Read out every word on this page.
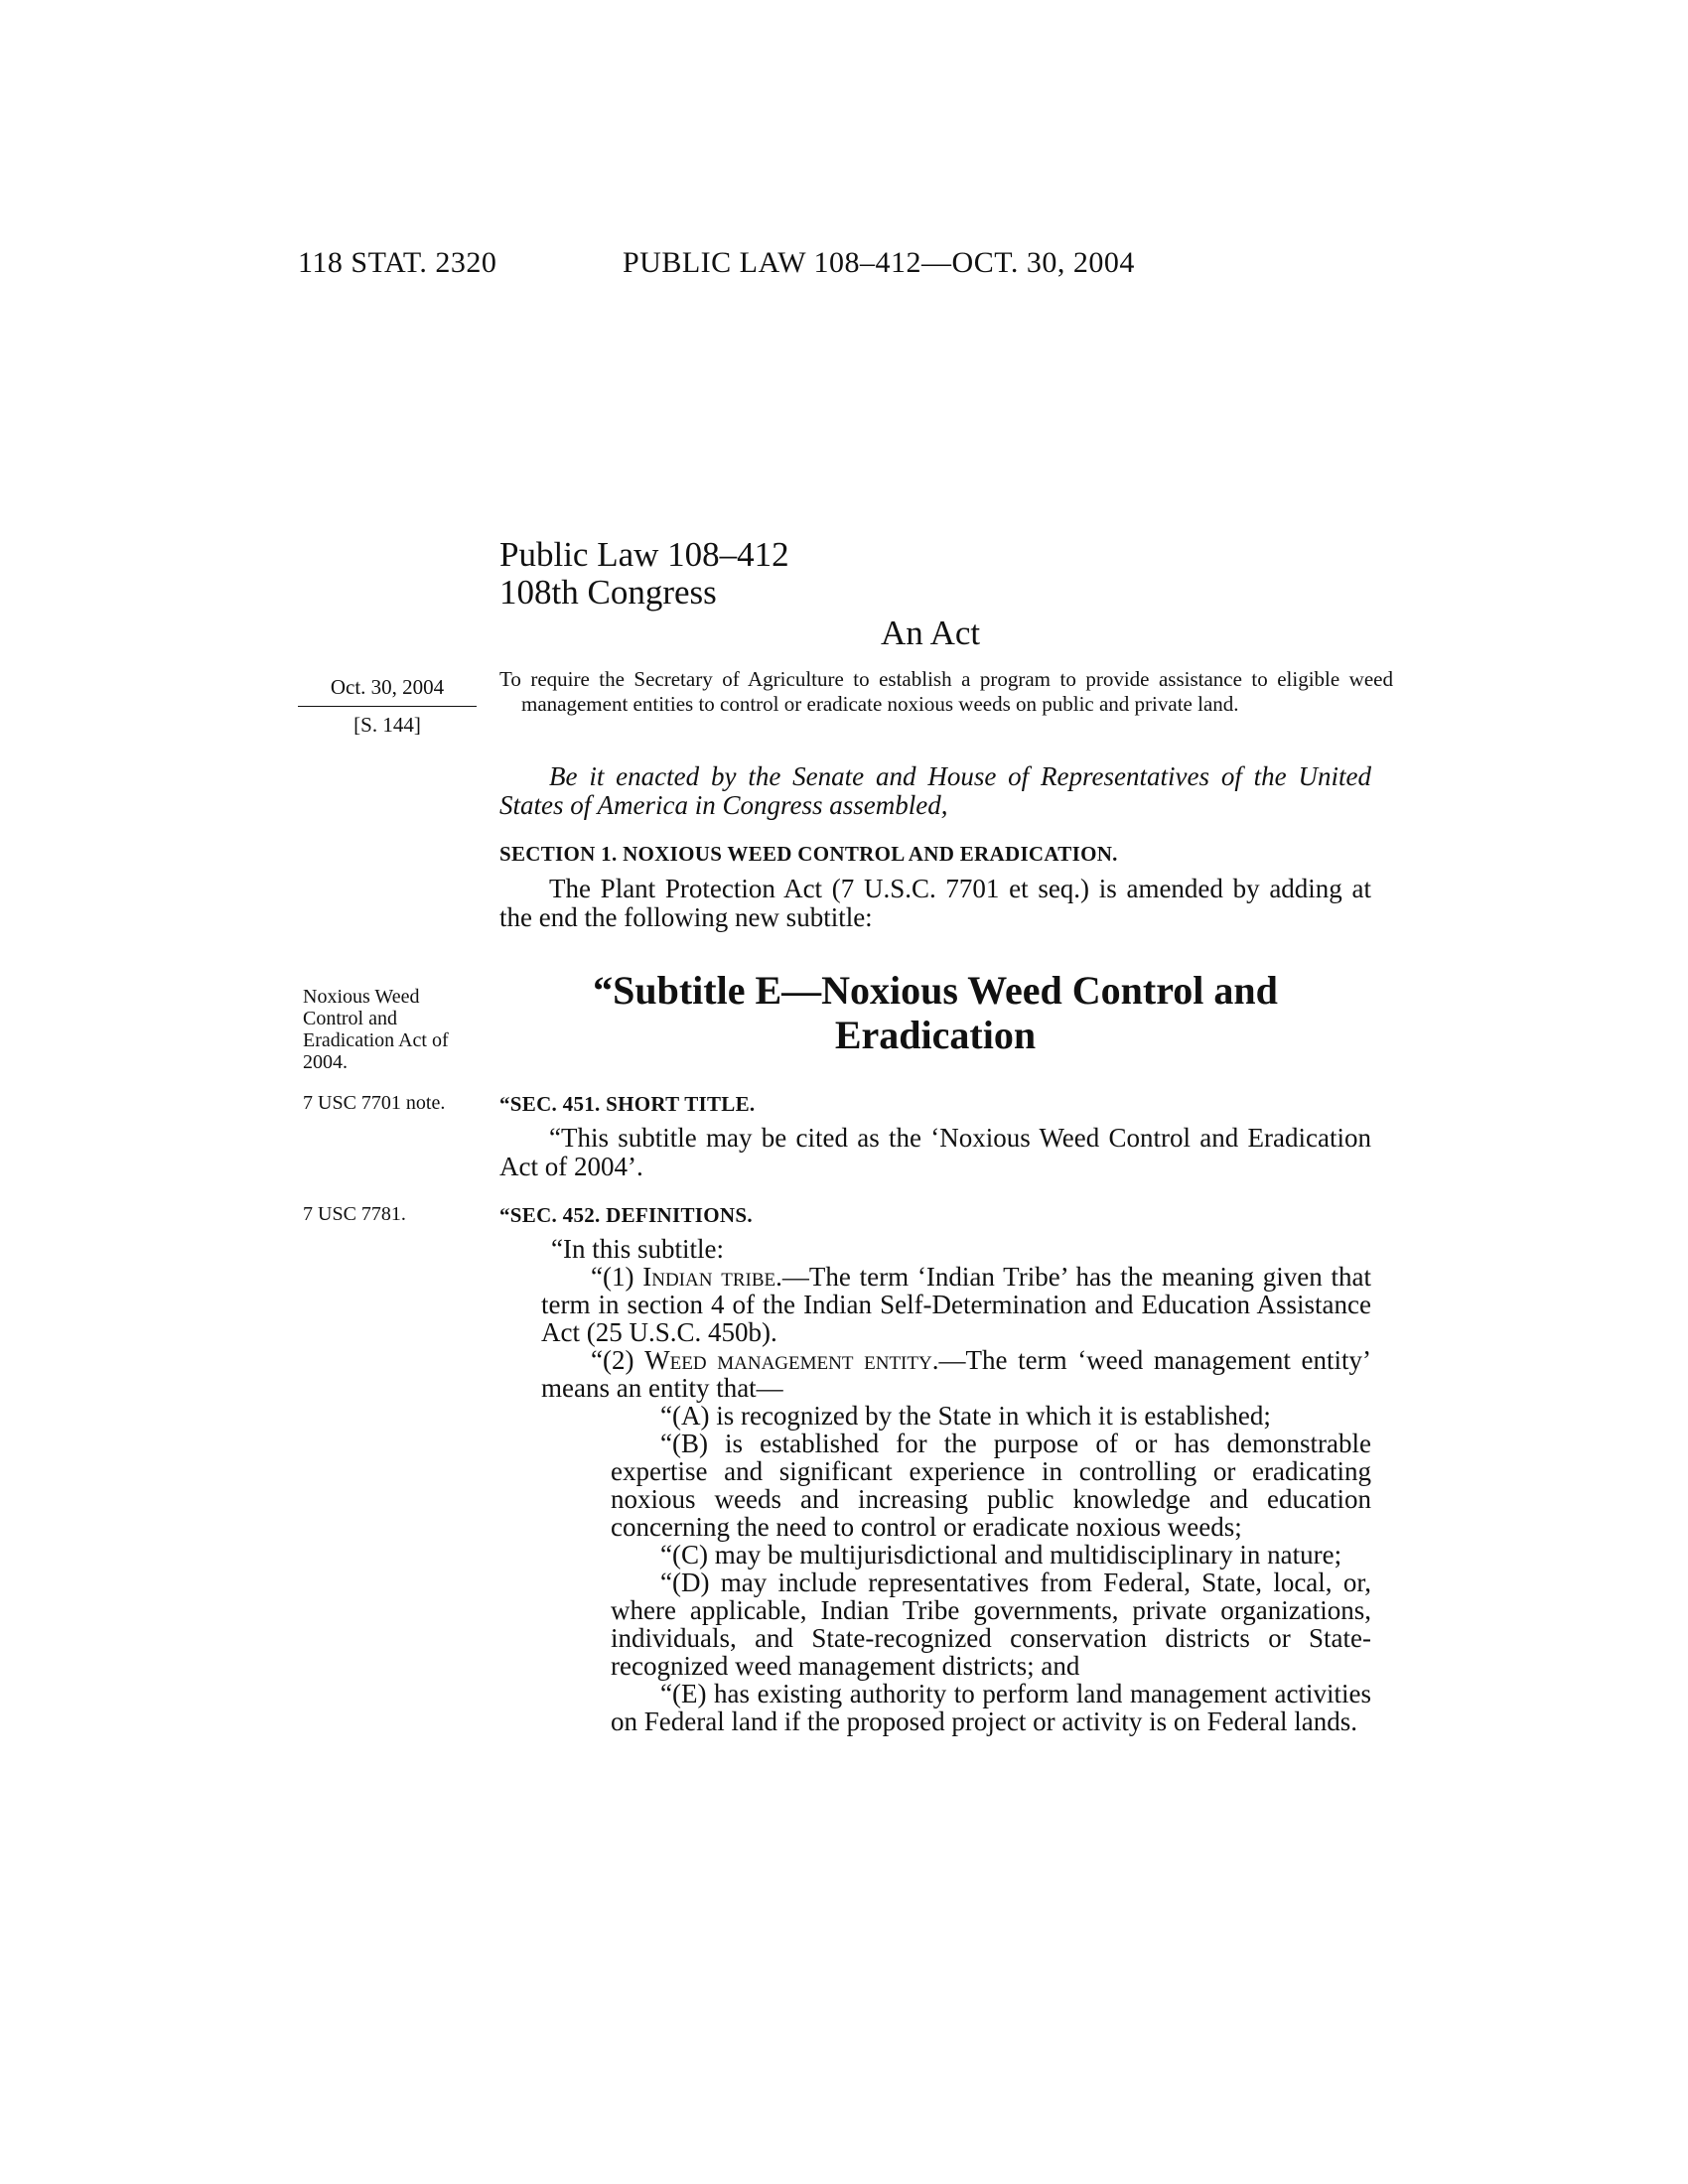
118 STAT. 2320	PUBLIC LAW 108–412—OCT. 30, 2004
Public Law 108–412
108th Congress
An Act
Oct. 30, 2004
[S. 144]
To require the Secretary of Agriculture to establish a program to provide assistance to eligible weed management entities to control or eradicate noxious weeds on public and private land.
Be it enacted by the Senate and House of Representatives of the United States of America in Congress assembled,
SECTION 1. NOXIOUS WEED CONTROL AND ERADICATION.
The Plant Protection Act (7 U.S.C. 7701 et seq.) is amended by adding at the end the following new subtitle:
Noxious Weed Control and Eradication Act of 2004.
“Subtitle E—Noxious Weed Control and Eradication
7 USC 7701 note.	“SEC. 451. SHORT TITLE.
“This subtitle may be cited as the ‘Noxious Weed Control and Eradication Act of 2004’.
7 USC 7781.	“SEC. 452. DEFINITIONS.

“In this subtitle:

“(1) Indian tribe.—The term ‘Indian Tribe’ has the meaning given that term in section 4 of the Indian Self-Determination and Education Assistance Act (25 U.S.C. 450b).

“(2) Weed management entity.—The term ‘weed management entity’ means an entity that—

“(A) is recognized by the State in which it is established;

“(B) is established for the purpose of or has demonstrable expertise and significant experience in controlling or eradicating noxious weeds and increasing public knowledge and education concerning the need to control or eradicate noxious weeds;

“(C) may be multijurisdictional and multidisciplinary in nature;

“(D) may include representatives from Federal, State, local, or, where applicable, Indian Tribe governments, private organizations, individuals, and State-recognized conservation districts or State-recognized weed management districts; and

“(E) has existing authority to perform land management activities on Federal land if the proposed project or activity is on Federal lands.
